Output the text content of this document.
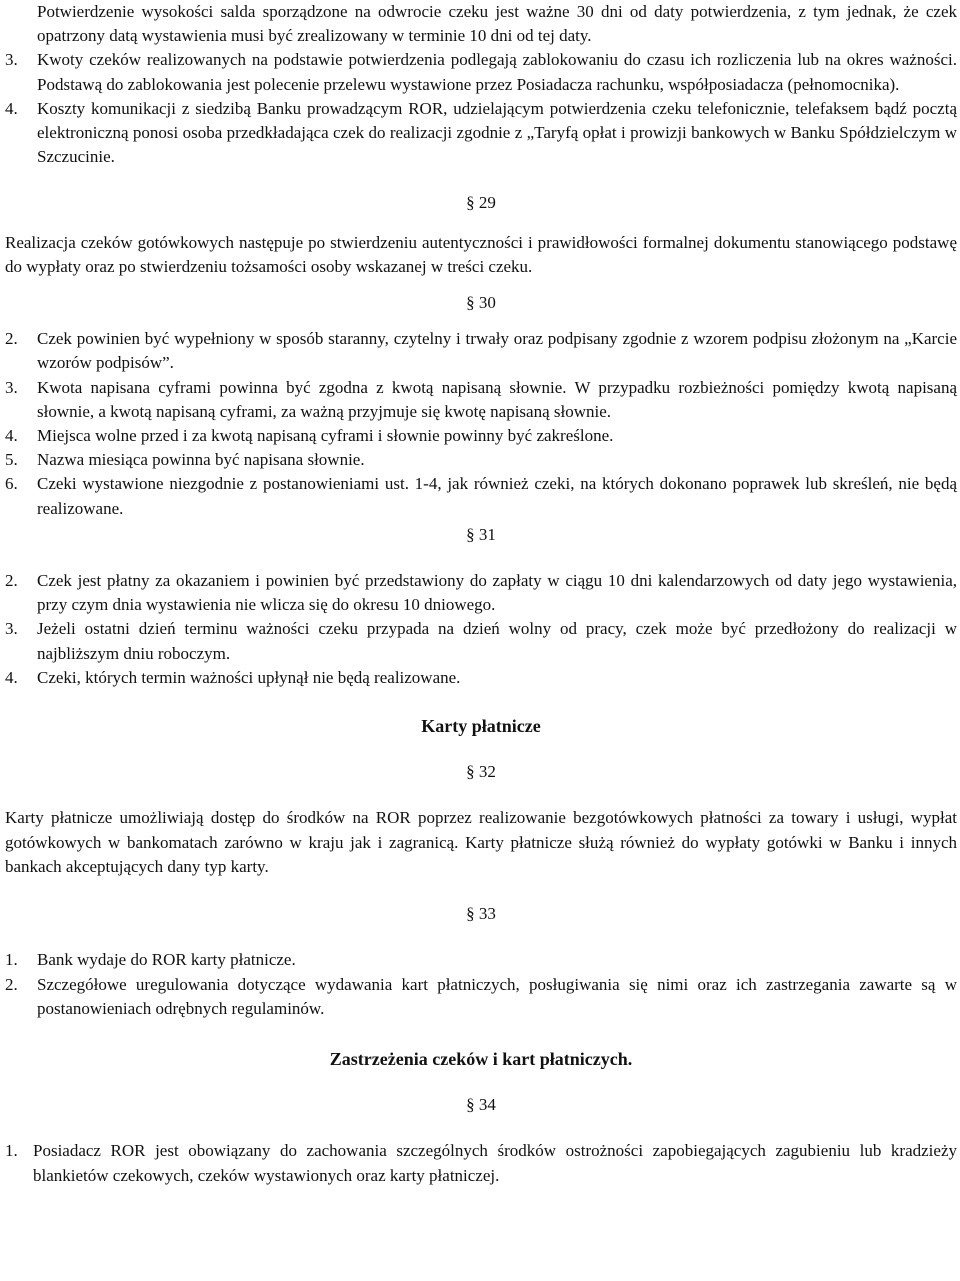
Potwierdzenie wysokości salda sporządzone na odwrocie czeku jest ważne 30 dni od daty potwierdzenia, z tym jednak, że czek opatrzony datą wystawienia musi być zrealizowany w terminie 10 dni od tej daty.
3.	Kwoty czeków realizowanych na podstawie potwierdzenia podlegają zablokowaniu do czasu ich rozliczenia lub na okres ważności. Podstawą do zablokowania jest polecenie przelewu wystawione przez Posiadacza rachunku, współposiadacza (pełnomocnika).
4.	Koszty komunikacji z siedzibą Banku prowadzącym ROR, udzielającym potwierdzenia czeku telefonicznie, telefaksem bądź pocztą elektroniczną ponosi osoba przedkładająca czek do realizacji zgodnie z „Taryfą opłat i prowizji bankowych w Banku Spółdzielczym w Szczucinie.
§ 29
Realizacja czeków gotówkowych następuje po stwierdzeniu autentyczności i prawidłowości formalnej dokumentu stanowiącego podstawę do wypłaty oraz po stwierdzeniu tożsamości osoby wskazanej w treści czeku.
§ 30
2.	Czek powinien być wypełniony w sposób staranny, czytelny i trwały oraz podpisany zgodnie z wzorem podpisu złożonym na „Karcie wzorów podpisów”.
3.	Kwota napisana cyframi powinna być zgodna z kwotą napisaną słownie. W przypadku rozbieżności pomiędzy kwotą napisaną słownie, a kwotą napisaną cyframi, za ważną przyjmuje się kwotę napisaną słownie.
4.	Miejsca wolne przed i za kwotą napisaną cyframi i słownie powinny być zakreślone.
5.	Nazwa miesiąca powinna być napisana słownie.
6.	Czeki wystawione niezgodnie z postanowieniami ust. 1-4, jak również czeki, na których dokonano poprawek lub skreśleń, nie będą realizowane.
§ 31
2.	Czek jest płatny za okazaniem i powinien być przedstawiony do zapłaty w ciągu 10 dni kalendarzowych od daty jego wystawienia, przy czym dnia wystawienia nie wlicza się do okresu 10 dniowego.
3.	Jeżeli ostatni dzień terminu ważności czeku przypada na dzień wolny od pracy, czek może być przedłożony do realizacji w najbliższym dniu roboczym.
4.	Czeki, których termin ważności upłynął nie będą realizowane.
Karty płatnicze
§ 32
Karty płatnicze umożliwiają dostęp do środków na ROR poprzez realizowanie bezgotówkowych płatności za towary i usługi, wypłat gotówkowych w bankomatach zarówno w kraju jak i zagranicą. Karty płatnicze służą również do wypłaty gotówki w Banku i innych bankach akceptujących dany typ karty.
§ 33
1.	Bank wydaje do ROR karty płatnicze.
2.	Szczegółowe uregulowania dotyczące wydawania kart płatniczych, posługiwania się nimi oraz ich zastrzegania zawarte są w postanowieniach odrębnych regulaminów.
Zastrzeżenia czeków i kart płatniczych.
§ 34
1. Posiadacz ROR jest obowiązany do zachowania szczególnych środków ostrożności zapobiegających zagubieniu lub kradzieży blankietów czekowych, czeków wystawionych oraz karty płatniczej.
